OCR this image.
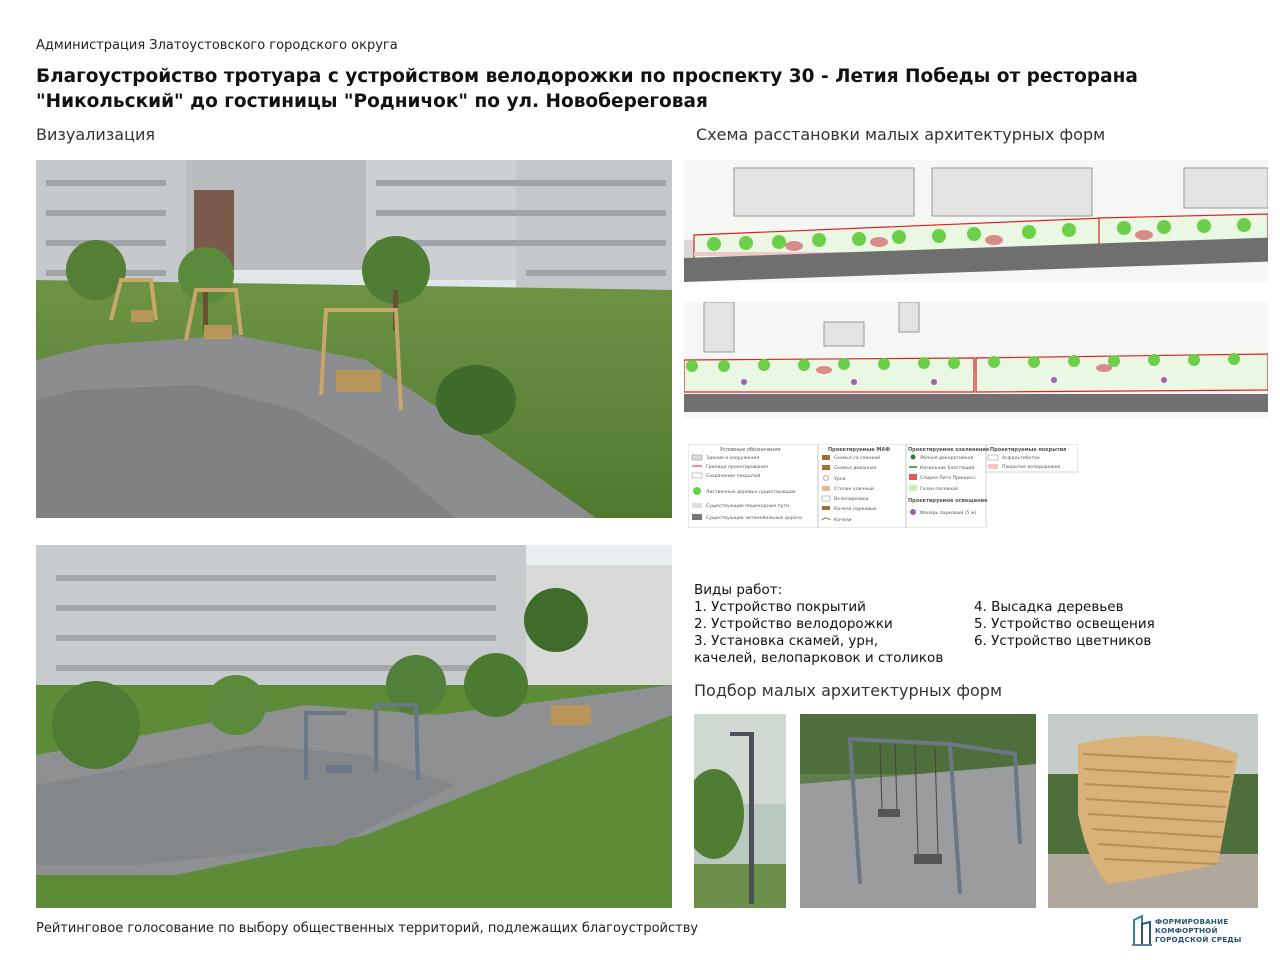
Администрация Златоустовского городского округа
Благоустройство тротуара с устройством велодорожки по проспекту 30 - Летия Победы от ресторана
"Никольский" до гостиницы "Родничок" по ул. Новобереговая
Визуализация	Схема расстановки малых архитектурных форм
Условные обозначения
Здания и сооружения
Граница проектирования
Сохранение покрытий
Лиственные деревья существующие
Существующие пешеходные пути
Существующие автомобильные дороги
Проектируемые МАФ
Скамья со спинкой
Скамья диванная
Урна
Столик уличный
Велопарковка
Качели парковые
Качели
Проектируемое озеленение
Яблоня декоративная
Кизильник блестящий
Спирея Литл Принцесс
Газон посевной
Проектируемое освещение
Фонарь парковый (5 м)
Проектируемые покрытия
Асфальтобетон
Покрытие велодорожки
Виды работ:
1. Устройство покрытий
2. Устройство велодорожки
3. Установка скамей, урн,
качелей, велопарковок и столиков
4. Высадка деревьев
5. Устройство освещения
6. Устройство цветников
Подбор малых архитектурных форм
Рейтинговое голосование по выбору общественных территорий, подлежащих благоустройству	ФОРМИРОВАНИЕ
КОМФОРТНОЙ
ГОРОДСКОЙ СРЕДЫ
